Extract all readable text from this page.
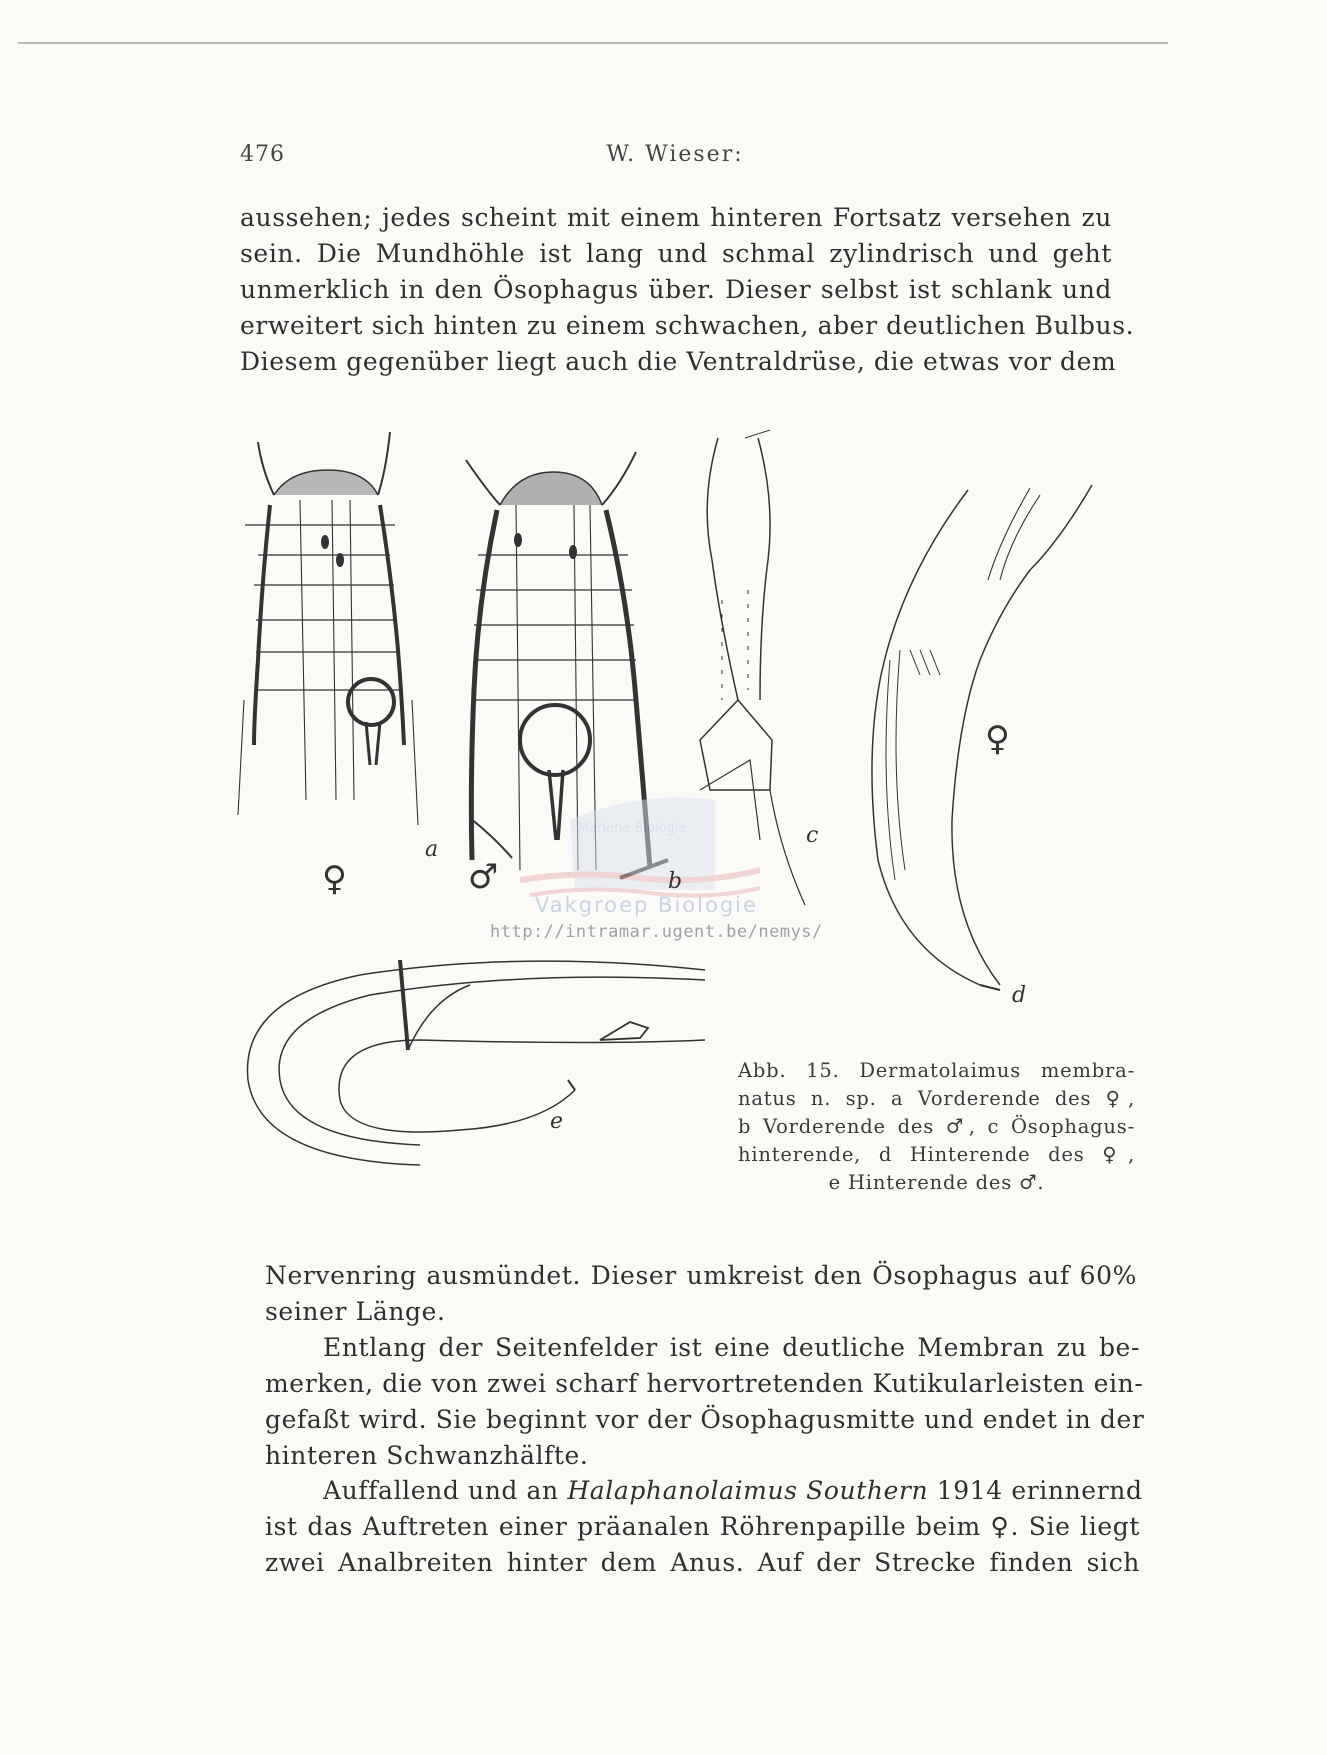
476	W. Wieser:
aussehen; jedes scheint mit einem hinteren Fortsatz versehen zu
sein. Die Mundhöhle ist lang und schmal zylindrisch und geht
unmerklich in den Ösophagus über. Dieser selbst ist schlank und
erweitert sich hinten zu einem schwachen, aber deutlichen Bulbus.
Diesem gegenüber liegt auch die Ventraldrüse, die etwas vor dem
Mariene Biologie
a
b
c
d
e
♀	♂
♀
Vakgroep Biologie
http://intramar.ugent.be/nemys/
Abb. 15. Dermatolaimus membra-
natus n. sp. a Vorderende des ♀,
b Vorderende des ♂, c Ösophagus-
hinterende, d Hinterende des ♀,
e Hinterende des ♂.
Nervenring ausmündet. Dieser umkreist den Ösophagus auf 60%
seiner Länge.
Entlang der Seitenfelder ist eine deutliche Membran zu be-
merken, die von zwei scharf hervortretenden Kutikularleisten ein-
gefaßt wird. Sie beginnt vor der Ösophagusmitte und endet in der
hinteren Schwanzhälfte.
Auffallend und an Halaphanolaimus Southern 1914 erinnernd
ist das Auftreten einer präanalen Röhrenpapille beim ♀. Sie liegt
zwei Analbreiten hinter dem Anus. Auf der Strecke finden sich
